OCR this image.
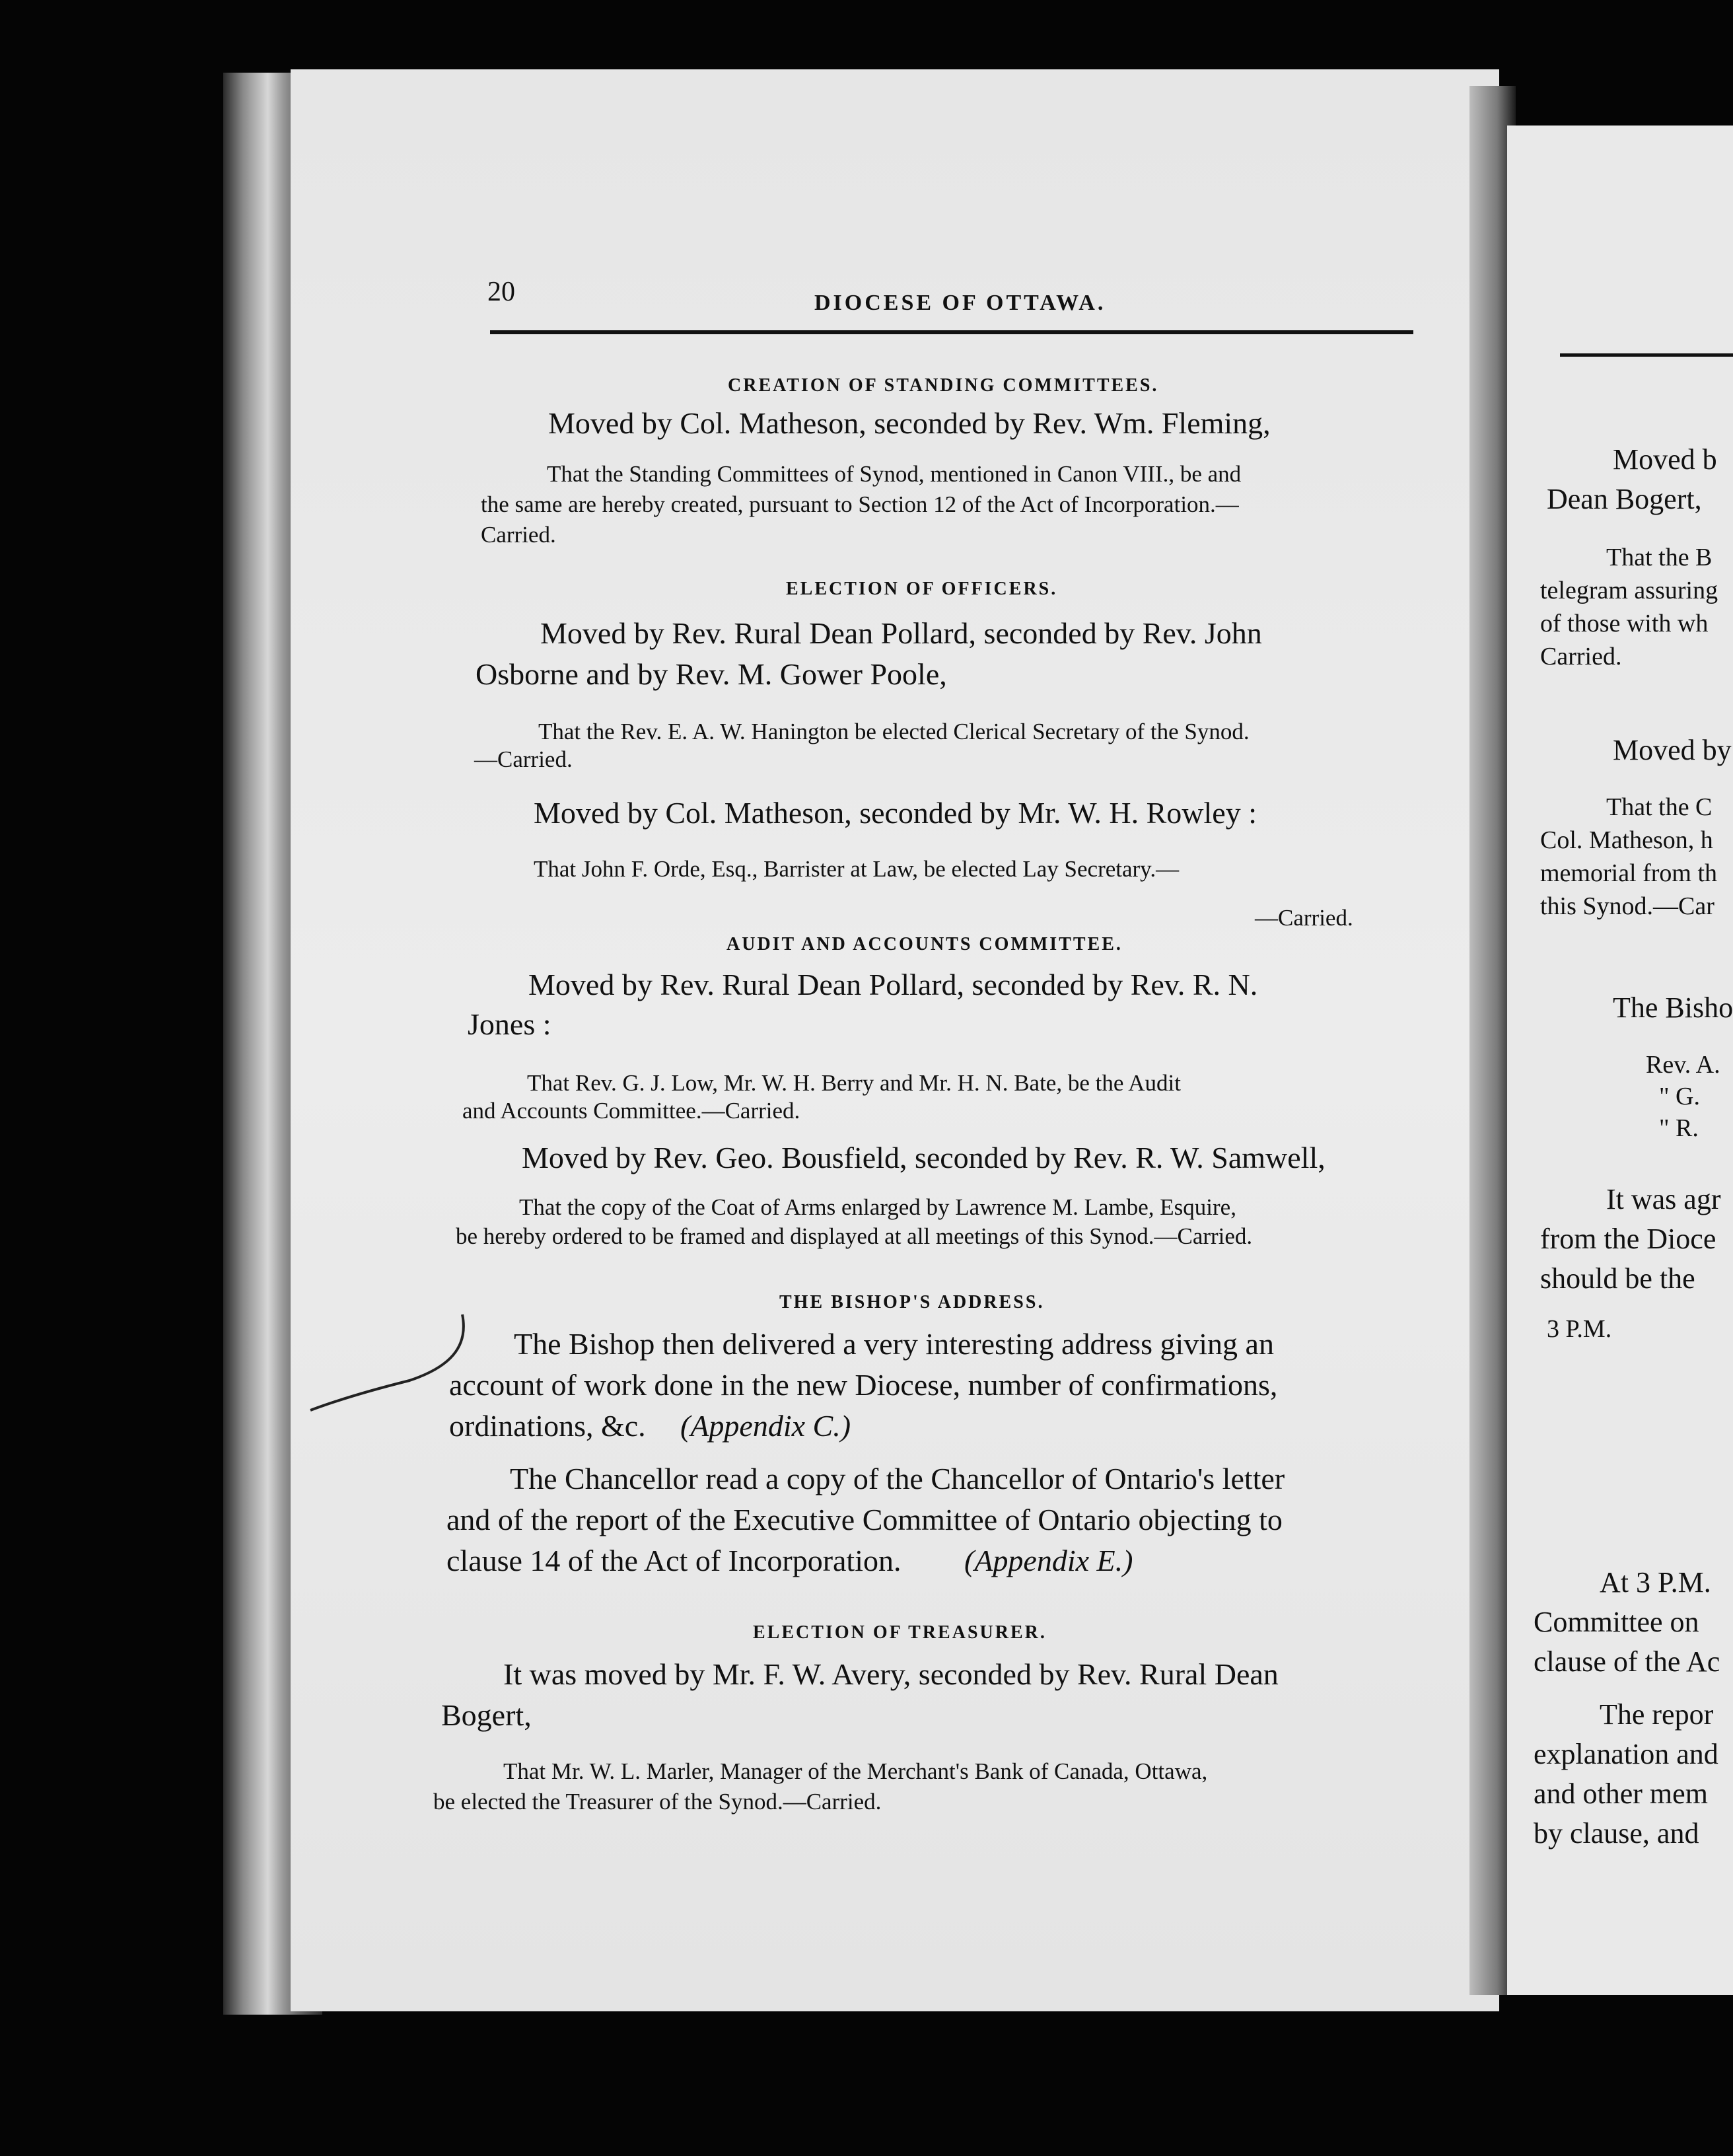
20	DIOCESE OF OTTAWA.
CREATION OF STANDING COMMITTEES.
Moved by Col. Matheson, seconded by Rev. Wm. Fleming,
That the Standing Committees of Synod, mentioned in Canon VIII., be and
the same are hereby created, pursuant to Section 12 of the Act of Incorporation.—
Carried.
ELECTION OF OFFICERS.
Moved by Rev. Rural Dean Pollard, seconded by Rev. John
Osborne and by Rev. M. Gower Poole,
That the Rev. E. A. W. Hanington be elected Clerical Secretary of the Synod.
—Carried.
Moved by Col. Matheson, seconded by Mr. W. H. Rowley :
That John F. Orde, Esq., Barrister at Law, be elected Lay Secretary.—
—Carried.
AUDIT AND ACCOUNTS COMMITTEE.
Moved by Rev. Rural Dean Pollard, seconded by Rev. R. N.
Jones :
That Rev. G. J. Low, Mr. W. H. Berry and Mr. H. N. Bate, be the Audit
and Accounts Committee.—Carried.
Moved by Rev. Geo. Bousfield, seconded by Rev. R. W. Samwell,
That the copy of the Coat of Arms enlarged by Lawrence M. Lambe, Esquire,
be hereby ordered to be framed and displayed at all meetings of this Synod.—Carried.
THE BISHOP'S ADDRESS.
The Bishop then delivered a very interesting address giving an
account of work done in the new Diocese, number of confirmations,
ordinations, &c. (Appendix C.)
The Chancellor read a copy of the Chancellor of Ontario's letter
and of the report of the Executive Committee of Ontario objecting to
clause 14 of the Act of Incorporation. (Appendix E.)
ELECTION OF TREASURER.
It was moved by Mr. F. W. Avery, seconded by Rev. Rural Dean
Bogert,
That Mr. W. L. Marler, Manager of the Merchant's Bank of Canada, Ottawa,
be elected the Treasurer of the Synod.—Carried.
Moved b
Dean Bogert,
That the B
telegram assuring
of those with wh
Carried.
Moved by
That the C
Col. Matheson, h
memorial from th
this Synod.—Car
The Bisho
Rev. A.
" G.
" R.
It was agr
from the Dioce
should be the
3 P.M.
At 3 P.M.
Committee on
clause of the Ac
The repor
explanation and
and other mem
by clause, and
